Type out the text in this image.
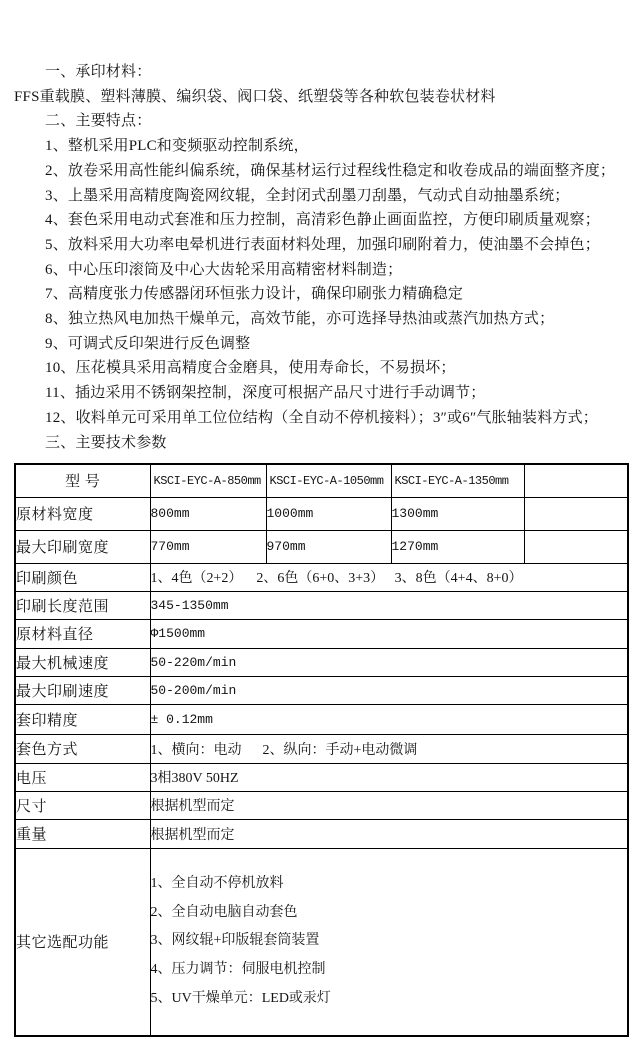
一、承印材料：

FFS重载膜、塑料薄膜、编织袋、阀口袋、纸塑袋等各种软包装卷状材料

二、主要特点：

1、整机采用PLC和变频驱动控制系统，

2、放卷采用高性能纠偏系统，确保基材运行过程线性稳定和收卷成品的端面整齐度；

3、上墨采用高精度陶瓷网纹辊，全封闭式刮墨刀刮墨，气动式自动抽墨系统；

4、套色采用电动式套准和压力控制，高清彩色静止画面监控，方便印刷质量观察；

5、放料采用大功率电晕机进行表面材料处理，加强印刷附着力，使油墨不会掉色；

6、中心压印滚筒及中心大齿轮采用高精密材料制造；

7、高精度张力传感器闭环恒张力设计，确保印刷张力精确稳定

8、独立热风电加热干燥单元，高效节能，亦可选择导热油或蒸汽加热方式；

9、可调式反印架进行反色调整

10、压花模具采用高精度合金磨具，使用寿命长，不易损坏；

11、插边采用不锈钢架控制，深度可根据产品尺寸进行手动调节；

12、收料单元可采用单工位位结构（全自动不停机接料）；3″或6″气胀轴装料方式；

三、主要技术参数

型 号	KSCI-EYC-A-850mm	KSCI-EYC-A-1050mm	KSCI-EYC-A-1350mm	
原材料宽度	800mm	1000mm	1300mm	
最大印刷宽度	770mm	970mm	1270mm	
印刷颜色	1、4色（2+2）    2、6色（6+0、3+3）   3、8色（4+4、8+0）			
印刷长度范围	345-1350mm			
原材料直径	Φ1500mm			
最大机械速度	50-220m/min			
最大印刷速度	50-200m/min			
套印精度	± 0.12mm			
套色方式	1、横向：电动      2、纵向：手动+电动微调			
电压	3相380V 50HZ			
尺寸	根据机型而定			
重量	根据机型而定			
其它选配功能	1、全自动不停机放料
2、全自动电脑自动套色
3、网纹辊+印版辊套筒装置
4、压力调节：伺服电机控制
5、UV干燥单元：LED或汞灯			
